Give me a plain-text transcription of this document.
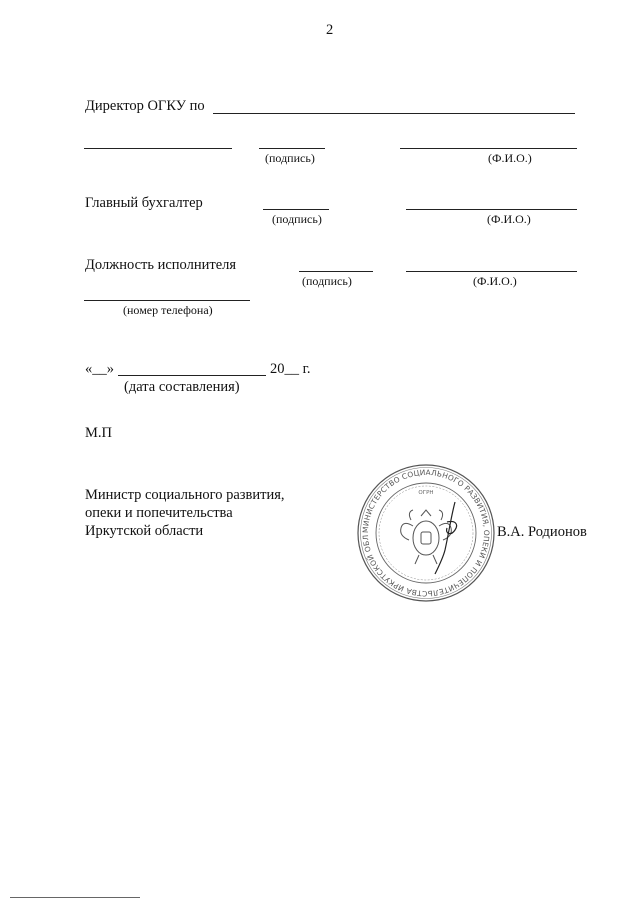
2
Директор ОГКУ по
(подпись)	(Ф.И.О.)
Главный бухгалтер
(подпись)	(Ф.И.О.)
Должность исполнителя
(подпись)	(Ф.И.О.)
(номер телефона)
«__»	20__ г.
(дата составления)
М.П
Министр социального развития,
опеки и попечительства
Иркутской области	В.А. Родионов
МИНИСТЕРСТВО СОЦИАЛЬНОГО РАЗВИТИЯ, ОПЕКИ И ПОПЕЧИТЕЛЬСТВА ИРКУТСКОЙ ОБЛ
ОГРН
